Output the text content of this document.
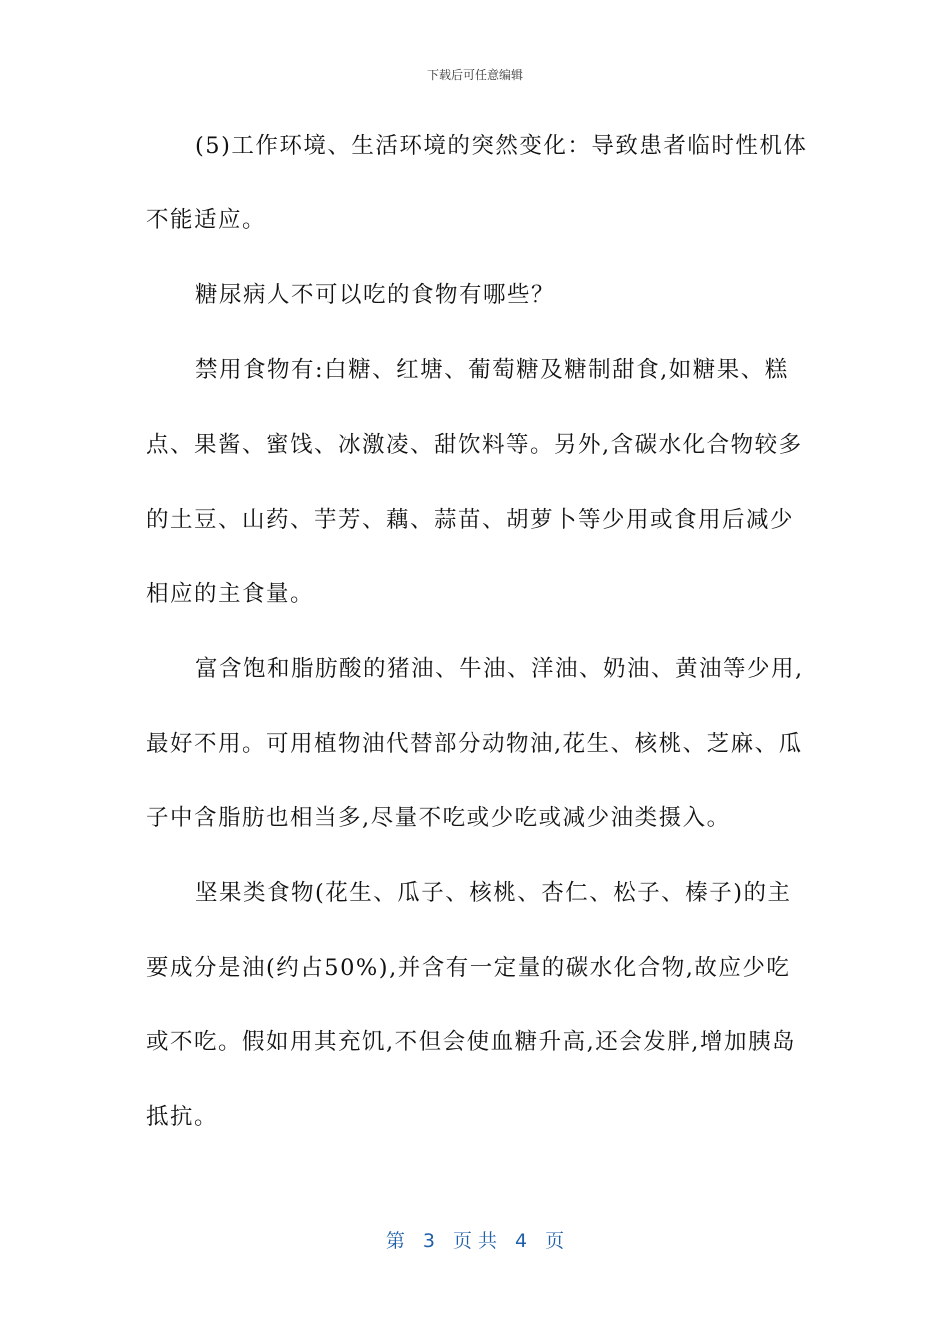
下载后可任意编辑
(5)工作环境、生活环境的突然变化：导致患者临时性机体
不能适应。
糖尿病人不可以吃的食物有哪些？
禁用食物有:白糖、红塘、葡萄糖及糖制甜食,如糖果、糕
点、果酱、蜜饯、冰激凌、甜饮料等。另外,含碳水化合物较多
的土豆、山药、芋芳、藕、蒜苗、胡萝卜等少用或食用后减少
相应的主食量。
富含饱和脂肪酸的猪油、牛油、洋油、奶油、黄油等少用,
最好不用。可用植物油代替部分动物油,花生、核桃、芝麻、瓜
子中含脂肪也相当多,尽量不吃或少吃或减少油类摄入。
坚果类食物(花生、瓜子、核桃、杏仁、松子、榛子)的主
要成分是油(约占50%),并含有一定量的碳水化合物,故应少吃
或不吃。假如用其充饥,不但会使血糖升高,还会发胖,增加胰岛
抵抗。
第 3 页 共 4 页
